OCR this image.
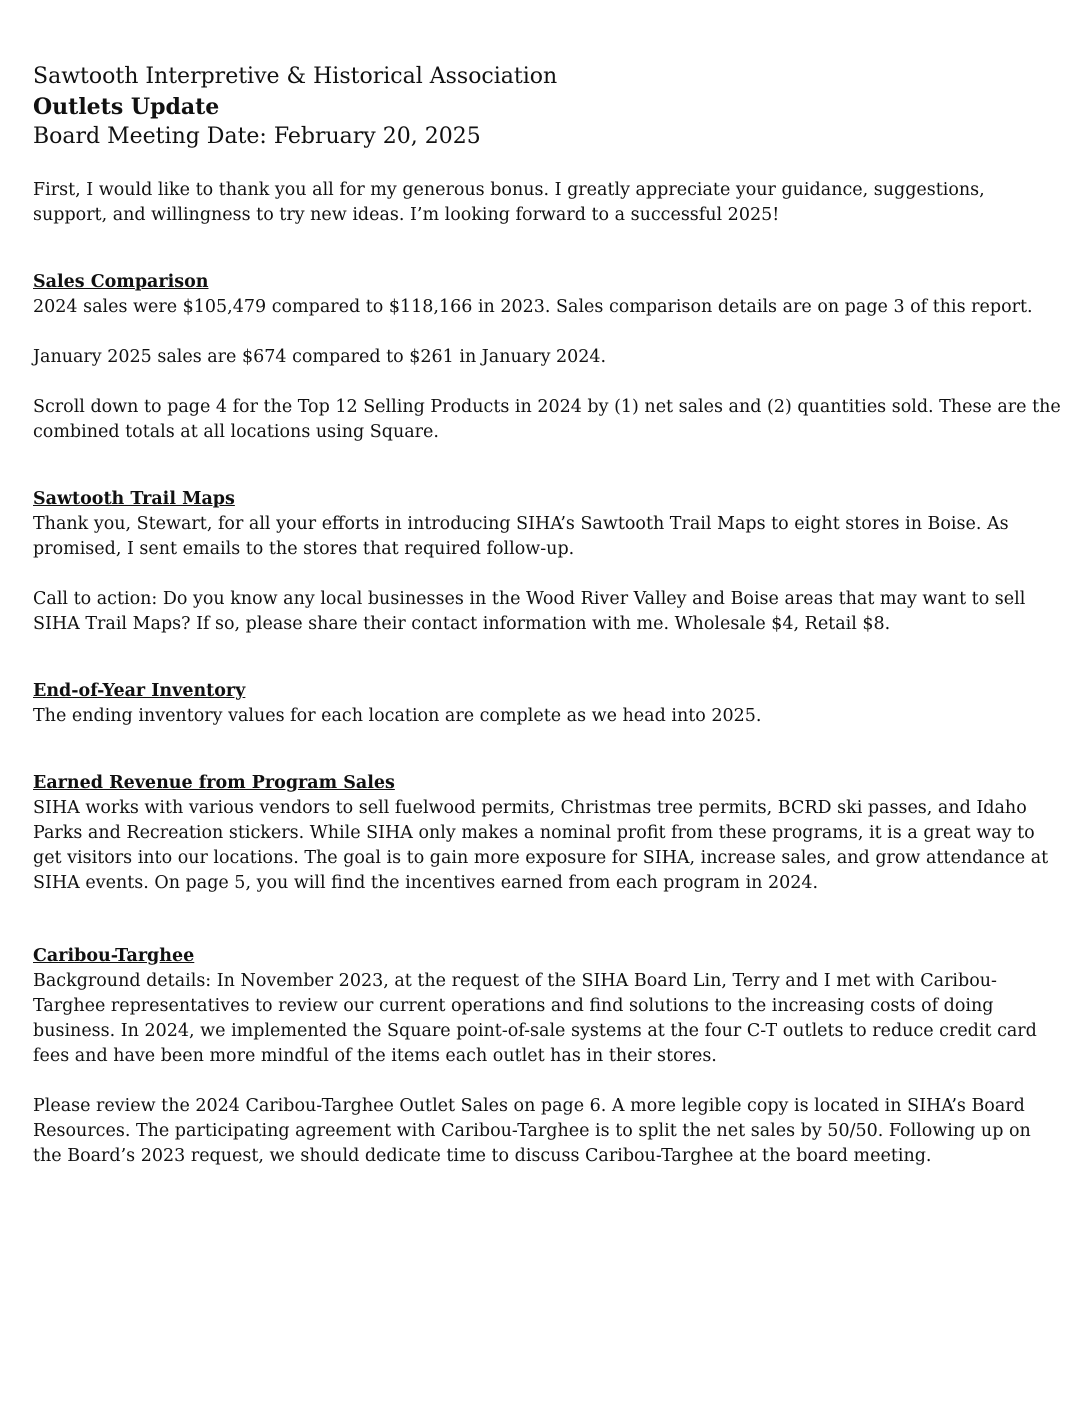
Sawtooth Interpretive & Historical Association

Outlets Update

Board Meeting Date: February 20, 2025

First, I would like to thank you all for my generous bonus. I greatly appreciate your guidance, suggestions, support, and willingness to try new ideas. I’m looking forward to a successful 2025!

Sales Comparison

2024 sales were $105,479 compared to $118,166 in 2023. Sales comparison details are on page 3 of this report.

January 2025 sales are $674 compared to $261 in January 2024.

Scroll down to page 4 for the Top 12 Selling Products in 2024 by (1) net sales and (2) quantities sold. These are the combined totals at all locations using Square.

Sawtooth Trail Maps

Thank you, Stewart, for all your efforts in introducing SIHA’s Sawtooth Trail Maps to eight stores in Boise. As promised, I sent emails to the stores that required follow-up.

Call to action: Do you know any local businesses in the Wood River Valley and Boise areas that may want to sell SIHA Trail Maps? If so, please share their contact information with me. Wholesale $4, Retail $8.

End-of-Year Inventory

The ending inventory values for each location are complete as we head into 2025.

Earned Revenue from Program Sales

SIHA works with various vendors to sell fuelwood permits, Christmas tree permits, BCRD ski passes, and Idaho Parks and Recreation stickers. While SIHA only makes a nominal profit from these programs, it is a great way to get visitors into our locations. The goal is to gain more exposure for SIHA, increase sales, and grow attendance at SIHA events. On page 5, you will find the incentives earned from each program in 2024.

Caribou-Targhee

Background details: In November 2023, at the request of the SIHA Board Lin, Terry and I met with Caribou-Targhee representatives to review our current operations and find solutions to the increasing costs of doing business. In 2024, we implemented the Square point-of-sale systems at the four C-T outlets to reduce credit card fees and have been more mindful of the items each outlet has in their stores.

Please review the 2024 Caribou-Targhee Outlet Sales on page 6. A more legible copy is located in SIHA’s Board Resources. The participating agreement with Caribou-Targhee is to split the net sales by 50/50. Following up on the Board’s 2023 request, we should dedicate time to discuss Caribou-Targhee at the board meeting.
